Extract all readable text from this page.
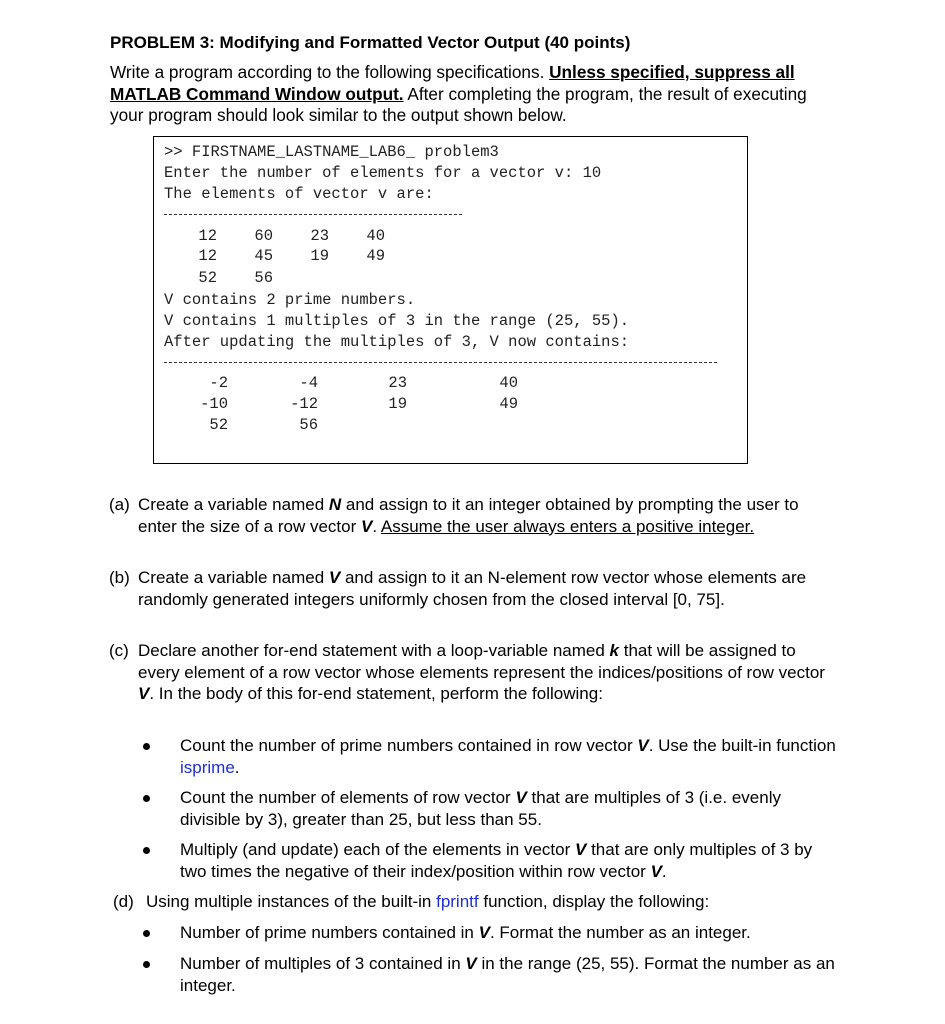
PROBLEM 3: Modifying and Formatted Vector Output (40 points)
Write a program according to the following specifications. Unless specified, suppress all MATLAB Command Window output. After completing the program, the result of executing your program should look similar to the output shown below.
>> FIRSTNAME_LASTNAME_LAB6_ problem3
Enter the number of elements for a vector v: 10
The elements of vector v are:
12	60	23	40
12	45	19	49
52	56
V contains 2 prime numbers.
V contains 1 multiples of 3 in the range (25, 55).
After updating the multiples of 3, V now contains:
-2	-4	23	40
-10	-12	19	49
52	56
(a) Create a variable named N and assign to it an integer obtained by prompting the user to enter the size of a row vector V. Assume the user always enters a positive integer.
(b) Create a variable named V and assign to it an N-element row vector whose elements are randomly generated integers uniformly chosen from the closed interval [0, 75].
(c) Declare another for-end statement with a loop-variable named k that will be assigned to every element of a row vector whose elements represent the indices/positions of row vector V. In the body of this for-end statement, perform the following:
Count the number of prime numbers contained in row vector V. Use the built-in function isprime.
Count the number of elements of row vector V that are multiples of 3 (i.e. evenly divisible by 3), greater than 25, but less than 55.
Multiply (and update) each of the elements in vector V that are only multiples of 3 by two times the negative of their index/position within row vector V.
(d) Using multiple instances of the built-in fprintf function, display the following:
Number of prime numbers contained in V. Format the number as an integer.
Number of multiples of 3 contained in V in the range (25, 55). Format the number as an integer.
